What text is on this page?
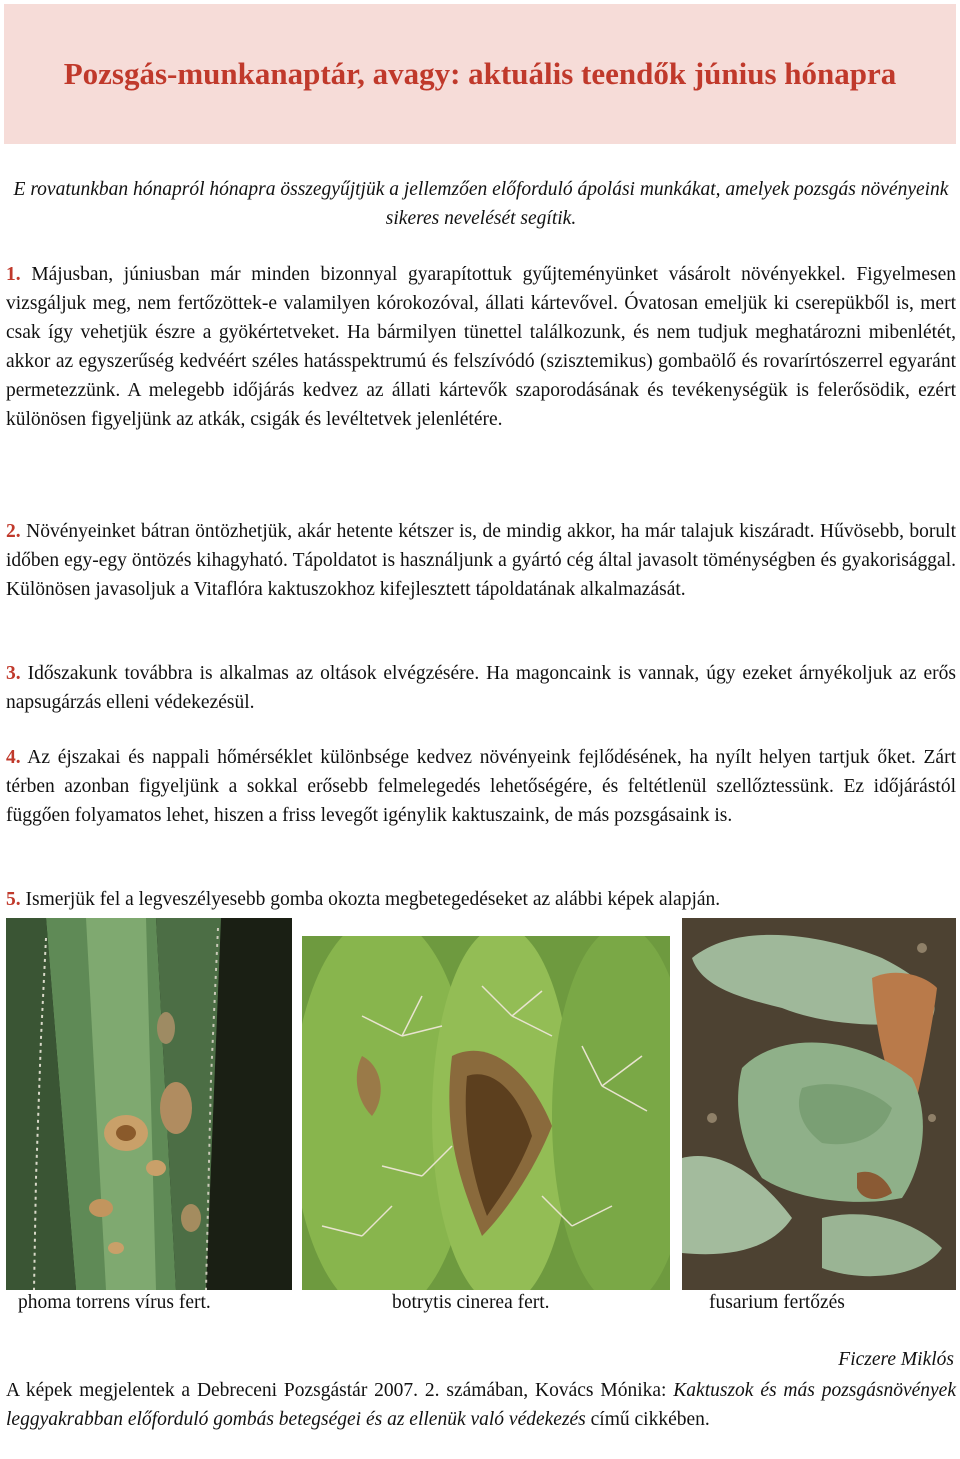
Pozsgás-munkanaptár, avagy: aktuális teendők június hónapra
E rovatunkban hónapról hónapra összegyűjtjük a jellemzően előforduló ápolási munkákat, amelyek pozsgás növényeink sikeres nevelését segítik.
1. Májusban, júniusban már minden bizonnyal gyarapítottuk gyűjteményünket vásárolt növényekkel. Figyelmesen vizsgáljuk meg, nem fertőzöttek-e valamilyen kórokozóval, állati kártevővel. Óvatosan emeljük ki cserepükből is, mert csak így vehetjük észre a gyökértetveket. Ha bármilyen tünettel találkozunk, és nem tudjuk meghatározni mibenlétét, akkor az egyszerűség kedvéért széles hatásspektrumú és felszívódó (szisztemikus) gombaölő és rovarírtószerrel egyaránt permetezzünk. A melegebb időjárás kedvez az állati kártevők szaporodásának és tevékenységük is felerősödik, ezért különösen figyeljünk az atkák, csigák és levéltetvek jelenlétére.
2. Növényeinket bátran öntözhetjük, akár hetente kétszer is, de mindig akkor, ha már talajuk kiszáradt. Hűvösebb, borult időben egy-egy öntözés kihagyható. Tápoldatot is használjunk a gyártó cég által javasolt töménységben és gyakorisággal. Különösen javasoljuk a Vitaflóra kaktuszokhoz kifejlesztett tápoldatának alkalmazását.
3. Időszakunk továbbra is alkalmas az oltások elvégzésére. Ha magoncaink is vannak, úgy ezeket árnyékoljuk az erős napsugárzás elleni védekezésül.
4. Az éjszakai és nappali hőmérséklet különbsége kedvez növényeink fejlődésének, ha nyílt helyen tartjuk őket. Zárt térben azonban figyeljünk a sokkal erősebb felmelegedés lehetőségére, és feltétlenül szellőztessünk. Ez időjárástól függően folyamatos lehet, hiszen a friss levegőt igénylik kaktuszaink, de más pozsgásaink is.
5. Ismerjük fel a legveszélyesebb gomba okozta megbetegedéseket az alábbi képek alapján.
phoma torrens vírus fert.	botrytis cinerea fert.	fusarium fertőzés
Ficzere Miklós
A képek megjelentek a Debreceni Pozsgástár 2007. 2. számában, Kovács Mónika: Kaktuszok és más pozsgásnövények leggyakrabban előforduló gombás betegségei és az ellenük való védekezés című cikkében.
